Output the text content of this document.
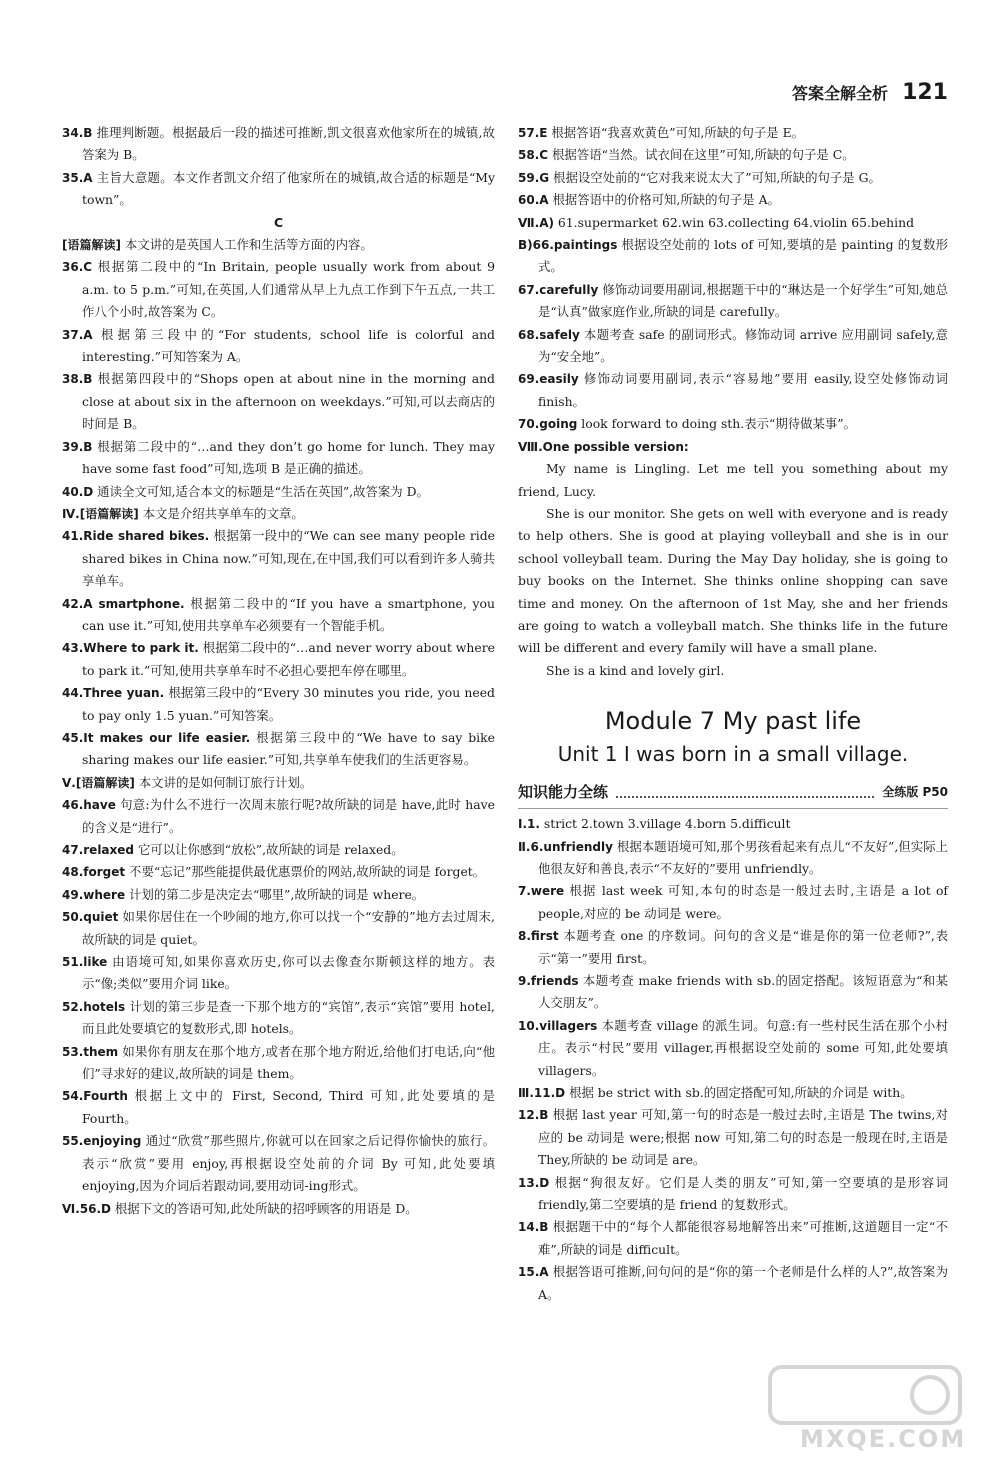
答案全解全析 121
34.B 推理判断题。根据最后一段的描述可推断,凯文很喜欢他家所在的城镇,故答案为 B。
35.A 主旨大意题。本文作者凯文介绍了他家所在的城镇,故合适的标题是“My town”。
C
[语篇解读] 本文讲的是英国人工作和生活等方面的内容。
36.C 根据第二段中的“In Britain, people usually work from about 9 a.m. to 5 p.m.”可知,在英国,人们通常从早上九点工作到下午五点,一共工作八个小时,故答案为 C。
37.A 根据第三段中的“For students, school life is colorful and interesting.”可知答案为 A。
38.B 根据第四段中的“Shops open at about nine in the morning and close at about six in the afternoon on weekdays.”可知,可以去商店的时间是 B。
39.B 根据第二段中的“…and they don’t go home for lunch. They may have some fast food”可知,选项 B 是正确的描述。
40.D 通读全文可知,适合本文的标题是“生活在英国”,故答案为 D。
Ⅳ.[语篇解读] 本文是介绍共享单车的文章。
41.Ride shared bikes. 根据第一段中的“We can see many people ride shared bikes in China now.”可知,现在,在中国,我们可以看到许多人骑共享单车。
42.A smartphone. 根据第二段中的“If you have a smartphone, you can use it.”可知,使用共享单车必须要有一个智能手机。
43.Where to park it. 根据第二段中的“…and never worry about where to park it.”可知,使用共享单车时不必担心要把车停在哪里。
44.Three yuan. 根据第三段中的“Every 30 minutes you ride, you need to pay only 1.5 yuan.”可知答案。
45.It makes our life easier. 根据第三段中的“We have to say bike sharing makes our life easier.”可知,共享单车使我们的生活更容易。
Ⅴ.[语篇解读] 本文讲的是如何制订旅行计划。
46.have 句意:为什么不进行一次周末旅行呢?故所缺的词是 have,此时 have 的含义是“进行”。
47.relaxed 它可以让你感到“放松”,故所缺的词是 relaxed。
48.forget 不要“忘记”那些能提供最优惠票价的网站,故所缺的词是 forget。
49.where 计划的第二步是决定去“哪里”,故所缺的词是 where。
50.quiet 如果你居住在一个吵闹的地方,你可以找一个“安静的”地方去过周末,故所缺的词是 quiet。
51.like 由语境可知,如果你喜欢历史,你可以去像查尔斯顿这样的地方。表示“像;类似”要用介词 like。
52.hotels 计划的第三步是查一下那个地方的“宾馆”,表示“宾馆”要用 hotel,而且此处要填它的复数形式,即 hotels。
53.them 如果你有朋友在那个地方,或者在那个地方附近,给他们打电话,向“他们”寻求好的建议,故所缺的词是 them。
54.Fourth 根据上文中的 First, Second, Third 可知,此处要填的是 Fourth。
55.enjoying 通过“欣赏”那些照片,你就可以在回家之后记得你愉快的旅行。表示“欣赏”要用 enjoy,再根据设空处前的介词 By 可知,此处要填 enjoying,因为介词后若跟动词,要用动词-ing形式。
Ⅵ.56.D 根据下文的答语可知,此处所缺的招呼顾客的用语是 D。
57.E 根据答语“我喜欢黄色”可知,所缺的句子是 E。
58.C 根据答语“当然。试衣间在这里”可知,所缺的句子是 C。
59.G 根据设空处前的“它对我来说太大了”可知,所缺的句子是 G。
60.A 根据答语中的价格可知,所缺的句子是 A。
Ⅶ.A) 61.supermarket 62.win 63.collecting 64.violin 65.behind
B)66.paintings 根据设空处前的 lots of 可知,要填的是 painting 的复数形式。
67.carefully 修饰动词要用副词,根据题干中的“琳达是一个好学生”可知,她总是“认真”做家庭作业,所缺的词是 carefully。
68.safely 本题考查 safe 的副词形式。修饰动词 arrive 应用副词 safely,意为“安全地”。
69.easily 修饰动词要用副词,表示“容易地”要用 easily,设空处修饰动词 finish。
70.going look forward to doing sth.表示“期待做某事”。
Ⅷ.One possible version:
My name is Lingling. Let me tell you something about my friend, Lucy.
She is our monitor. She gets on well with everyone and is ready to help others. She is good at playing volleyball and she is in our school volleyball team. During the May Day holiday, she is going to buy books on the Internet. She thinks online shopping can save time and money. On the afternoon of 1st May, she and her friends are going to watch a volleyball match. She thinks life in the future will be different and every family will have a small plane.
She is a kind and lovely girl.
Module 7 My past life
Unit 1 I was born in a small village.
知识能力全练	全练版 P50
Ⅰ.1. strict 2.town 3.village 4.born 5.difficult
Ⅱ.6.unfriendly 根据本题语境可知,那个男孩看起来有点儿“不友好”,但实际上他很友好和善良,表示“不友好的”要用 unfriendly。
7.were 根据 last week 可知,本句的时态是一般过去时,主语是 a lot of people,对应的 be 动词是 were。
8.first 本题考查 one 的序数词。问句的含义是“谁是你的第一位老师?”,表示“第一”要用 first。
9.friends 本题考查 make friends with sb.的固定搭配。该短语意为“和某人交朋友”。
10.villagers 本题考查 village 的派生词。句意:有一些村民生活在那个小村庄。表示“村民”要用 villager,再根据设空处前的 some 可知,此处要填 villagers。
Ⅲ.11.D 根据 be strict with sb.的固定搭配可知,所缺的介词是 with。
12.B 根据 last year 可知,第一句的时态是一般过去时,主语是 The twins,对应的 be 动词是 were;根据 now 可知,第二句的时态是一般现在时,主语是 They,所缺的 be 动词是 are。
13.D 根据“狗很友好。它们是人类的朋友”可知,第一空要填的是形容词 friendly,第二空要填的是 friend 的复数形式。
14.B 根据题干中的“每个人都能很容易地解答出来”可推断,这道题目一定“不难”,所缺的词是 difficult。
15.A 根据答语可推断,问句问的是“你的第一个老师是什么样的人?”,故答案为 A。
MXQE.COM
